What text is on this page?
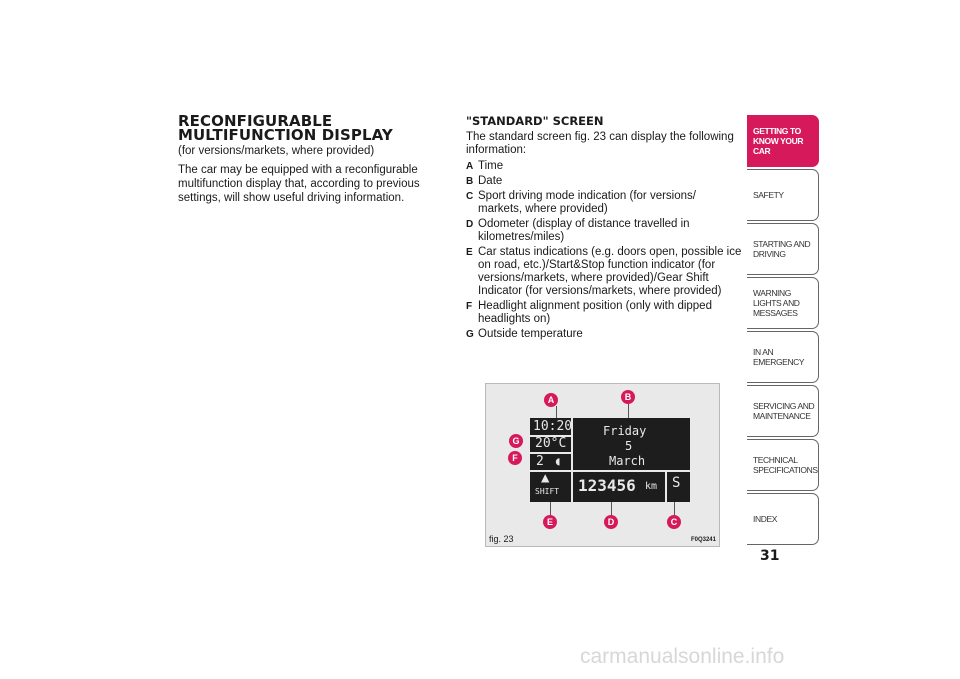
RECONFIGURABLE MULTIFUNCTION DISPLAY

(for versions/markets, where provided)

The car may be equipped with a reconfigurable multifunction display that, according to previous settings, will show useful driving information.

"STANDARD" SCREEN

The standard screen fig. 23 can display the following information:

A Time
B Date
C Sport driving mode indication (for versions/ markets, where provided)
D Odometer (display of distance travelled in kilometres/miles)
E Car status indications (e.g. doors open, possible ice on road, etc.)/Start&Stop function indicator (for versions/markets, where provided)/Gear Shift Indicator (for versions/markets, where provided)
F Headlight alignment position (only with dipped headlights on)
G Outside temperature
10:20
20°C
2 ◖
Friday
5
March
▲
SHIFT 123456 km S
A	B
C
D
E
F
G
fig. 23	F0Q3241
GETTING TO KNOW YOUR CAR
SAFETY
STARTING AND DRIVING
WARNING LIGHTS AND MESSAGES
IN AN EMERGENCY
SERVICING AND MAINTENANCE
TECHNICAL SPECIFICATIONS
INDEX
31
carmanualsonline.info
